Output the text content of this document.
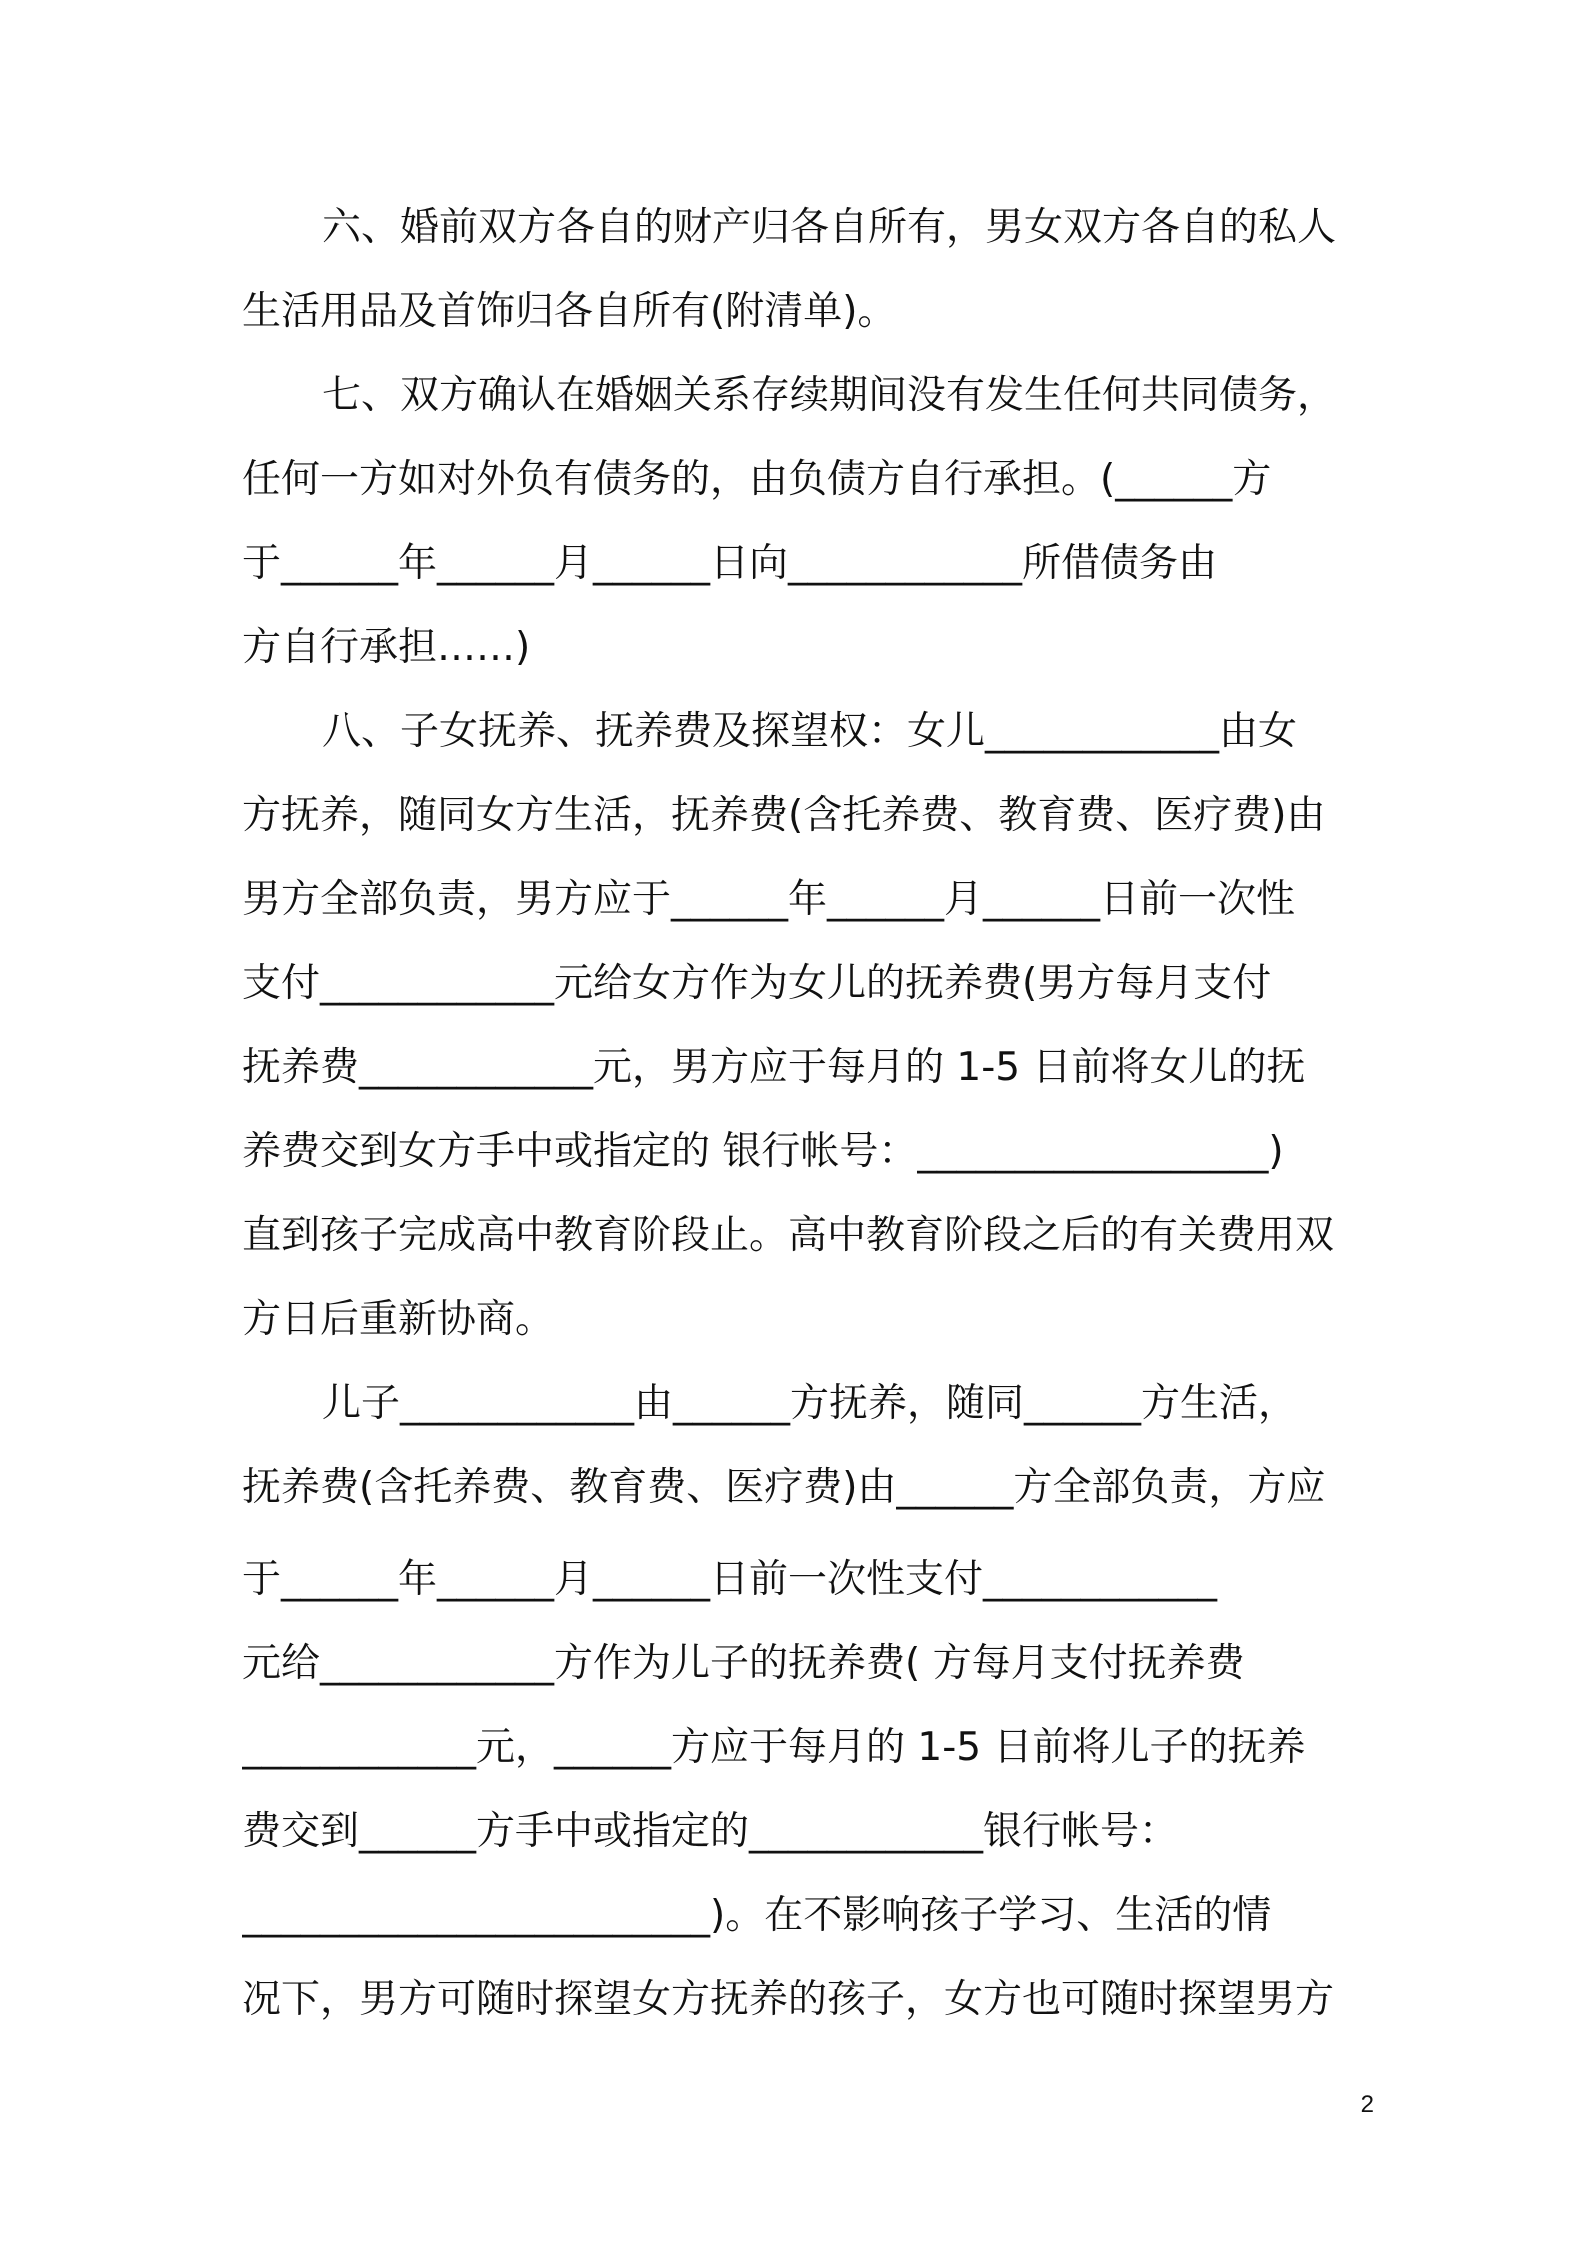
六、婚前双方各自的财产归各自所有，男女双方各自的私人
生活用品及首饰归各自所有(附清单)。
七、双方确认在婚姻关系存续期间没有发生任何共同债务，
任何一方如对外负有债务的，由负债方自行承担。(______方
于______年______月______日向____________所借债务由
方自行承担……)
八、子女抚养、抚养费及探望权：女儿____________由女
方抚养，随同女方生活，抚养费(含托养费、教育费、医疗费)由
男方全部负责，男方应于______年______月______日前一次性
支付____________元给女方作为女儿的抚养费(男方每月支付
抚养费____________元，男方应于每月的 1-5 日前将女儿的抚
养费交到女方手中或指定的 银行帐号：__________________)
直到孩子完成高中教育阶段止。高中教育阶段之后的有关费用双
方日后重新协商。
儿子____________由______方抚养，随同______方生活，
抚养费(含托养费、教育费、医疗费)由______方全部负责，方应
于______年______月______日前一次性支付____________
元给____________方作为儿子的抚养费( 方每月支付抚养费
____________元，______方应于每月的 1-5 日前将儿子的抚养
费交到______方手中或指定的____________银行帐号：
________________________)。在不影响孩子学习、生活的情
况下，男方可随时探望女方抚养的孩子，女方也可随时探望男方
2
